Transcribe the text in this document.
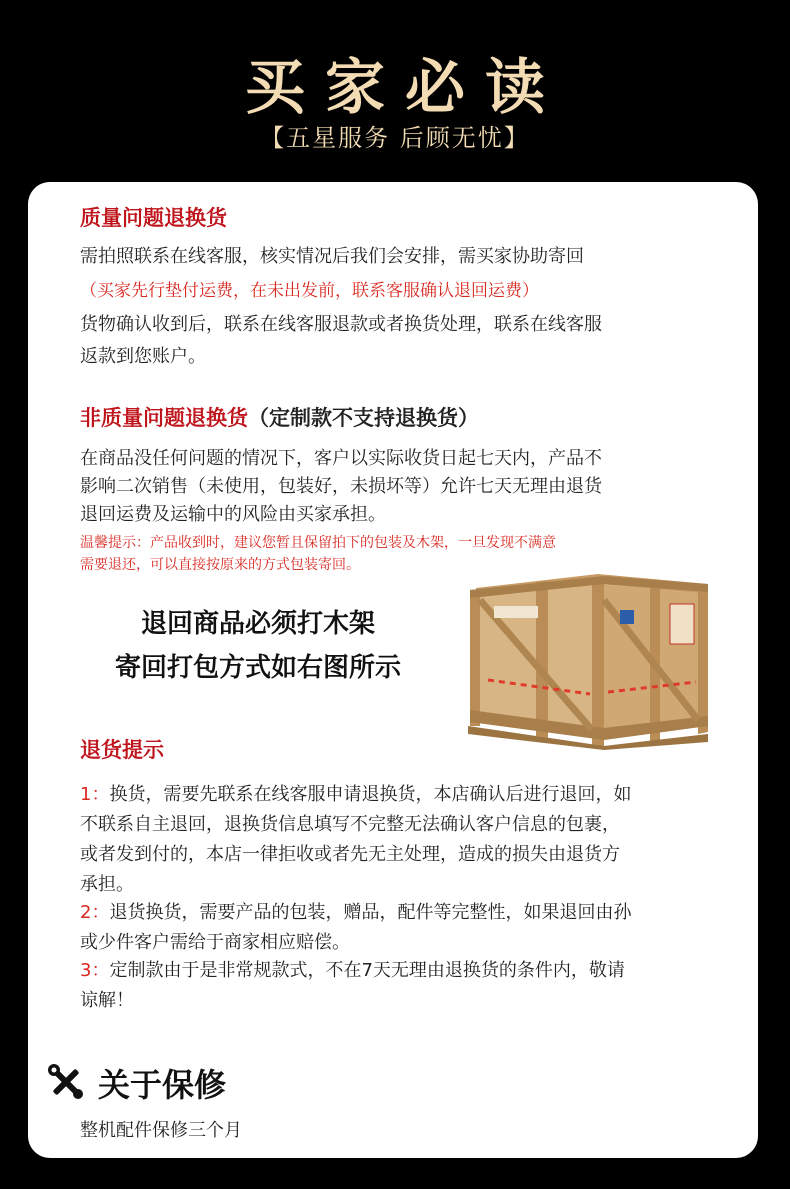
买家必读
【五星服务 后顾无忧】
质量问题退换货
需拍照联系在线客服，核实情况后我们会安排，需买家协助寄回
（买家先行垫付运费，在未出发前，联系客服确认退回运费）
货物确认收到后，联系在线客服退款或者换货处理，联系在线客服
返款到您账户。
非质量问题退换货（定制款不支持退换货）
在商品没任何问题的情况下，客户以实际收货日起七天内，产品不
影响二次销售（未使用，包装好，未损坏等）允许七天无理由退货
退回运费及运输中的风险由买家承担。
温馨提示：产品收到时，建议您暂且保留拍下的包装及木架，一旦发现不满意
需要退还，可以直接按原来的方式包装寄回。
退回商品必须打木架
寄回打包方式如右图所示
退货提示
1：换货，需要先联系在线客服申请退换货，本店确认后进行退回，如
不联系自主退回，退换货信息填写不完整无法确认客户信息的包裹，
或者发到付的，本店一律拒收或者先无主处理，造成的损失由退货方
承担。
2：退货换货，需要产品的包装，赠品，配件等完整性，如果退回由孙
或少件客户需给于商家相应赔偿。
3：定制款由于是非常规款式，不在7天无理由退换货的条件内，敬请
谅解！
关于保修
整机配件保修三个月
